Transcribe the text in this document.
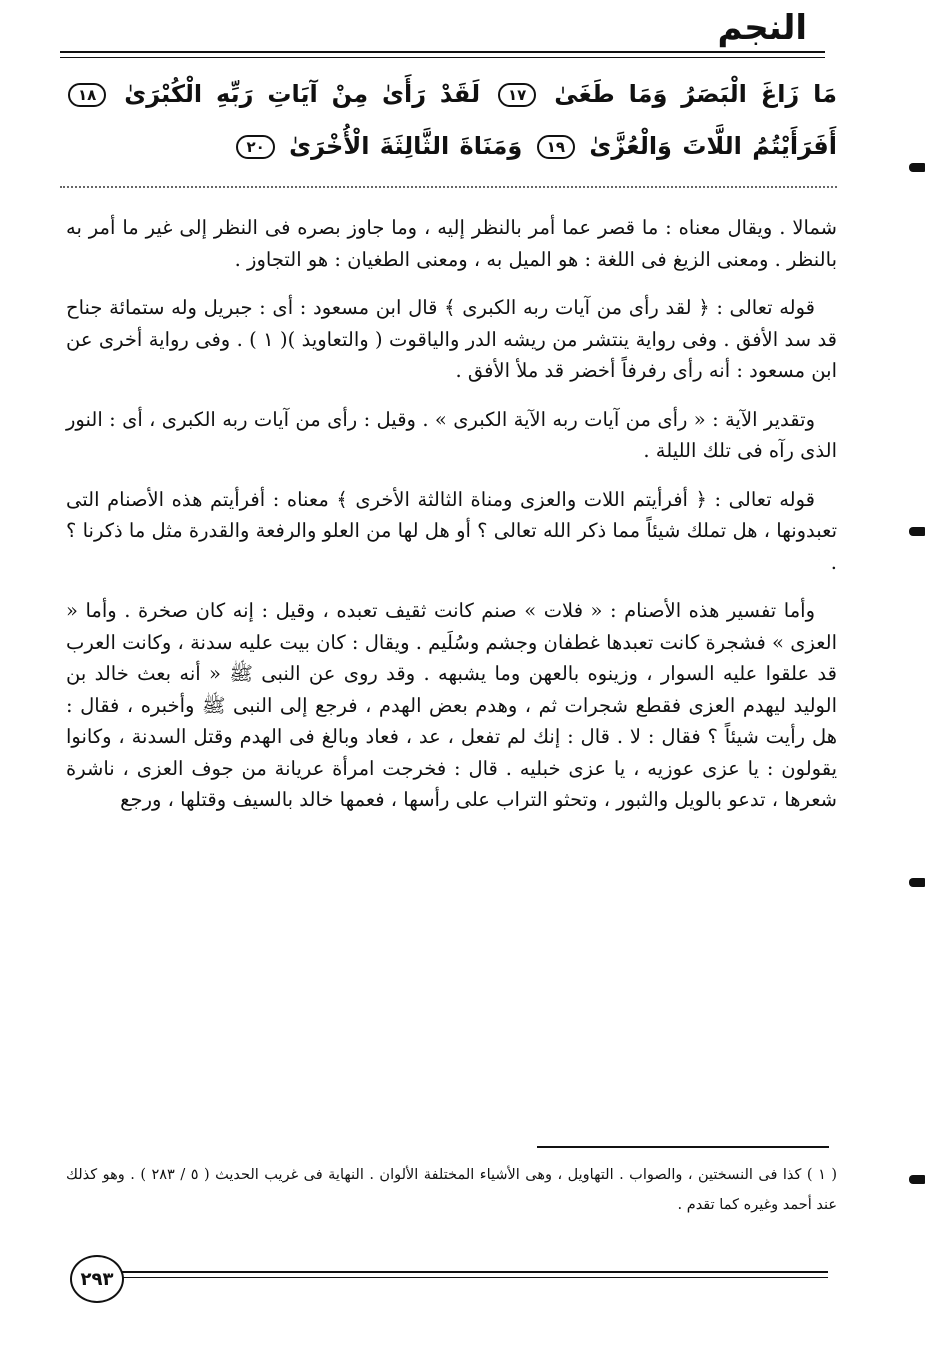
النجم
مَا زَاغَ الْبَصَرُ وَمَا طَغَىٰ ١٧ لَقَدْ رَأَىٰ مِنْ آيَاتِ رَبِّهِ الْكُبْرَىٰ ١٨ أَفَرَأَيْتُمُ اللَّاتَ وَالْعُزَّىٰ ١٩ وَمَنَاةَ الثَّالِثَةَ الْأُخْرَىٰ ٢٠

شمالا . ويقال معناه : ما قصر عما أمر بالنظر إليه ، وما جاوز بصره فى النظر إلى غير ما أمر به بالنظر . ومعنى الزيغ فى اللغة : هو الميل به ، ومعنى الطغيان : هو التجاوز .

قوله تعالى : ﴿ لقد رأى من آيات ربه الكبرى ﴾ قال ابن مسعود : أى : جبريل وله ستمائة جناح قد سد الأفق . وفى رواية ينتشر من ريشه الدر والياقوت ( والتعاويذ )( ١ ) . وفى رواية أخرى عن ابن مسعود : أنه رأى رفرفاً أخضر قد ملأ الأفق .

وتقدير الآية : « رأى من آيات ربه الآية الكبرى » . وقيل : رأى من آيات ربه الكبرى ، أى : النور الذى رآه فى تلك الليلة .

قوله تعالى : ﴿ أفرأيتم اللات والعزى ومناة الثالثة الأخرى ﴾ معناه : أفرأيتم هذه الأصنام التى تعبدونها ، هل تملك شيئاً مما ذكر الله تعالى ؟ أو هل لها من العلو والرفعة والقدرة مثل ما ذكرنا ؟ .

وأما تفسير هذه الأصنام : « فلات » صنم كانت ثقيف تعبده ، وقيل : إنه كان صخرة . وأما « العزى » فشجرة كانت تعبدها غطفان وجشم وسُلَيم . ويقال : كان بيت عليه سدنة ، وكانت العرب قد علقوا عليه السوار ، وزينوه بالعهن وما يشبهه . وقد روى عن النبى ﷺ « أنه بعث خالد بن الوليد ليهدم العزى فقطع شجرات ثم ، وهدم بعض الهدم ، فرجع إلى النبى ﷺ وأخبره ، فقال : هل رأيت شيئاً ؟ فقال : لا . قال : إنك لم تفعل ، عد ، فعاد وبالغ فى الهدم وقتل السدنة ، وكانوا يقولون : يا عزى عوزيه ، يا عزى خبليه . قال : فخرجت امرأة عريانة من جوف العزى ، ناشرة شعرها ، تدعو بالويل والثبور ، وتحثو التراب على رأسها ، فعمها خالد بالسيف وقتلها ، ورجع

( ١ ) كذا فى النسختين ، والصواب . التهاويل ، وهى الأشياء المختلفة الألوان . النهاية فى غريب الحديث ( ٥ / ٢٨٣ ) . وهو كذلك عند أحمد وغيره كما تقدم .
٢٩٣
